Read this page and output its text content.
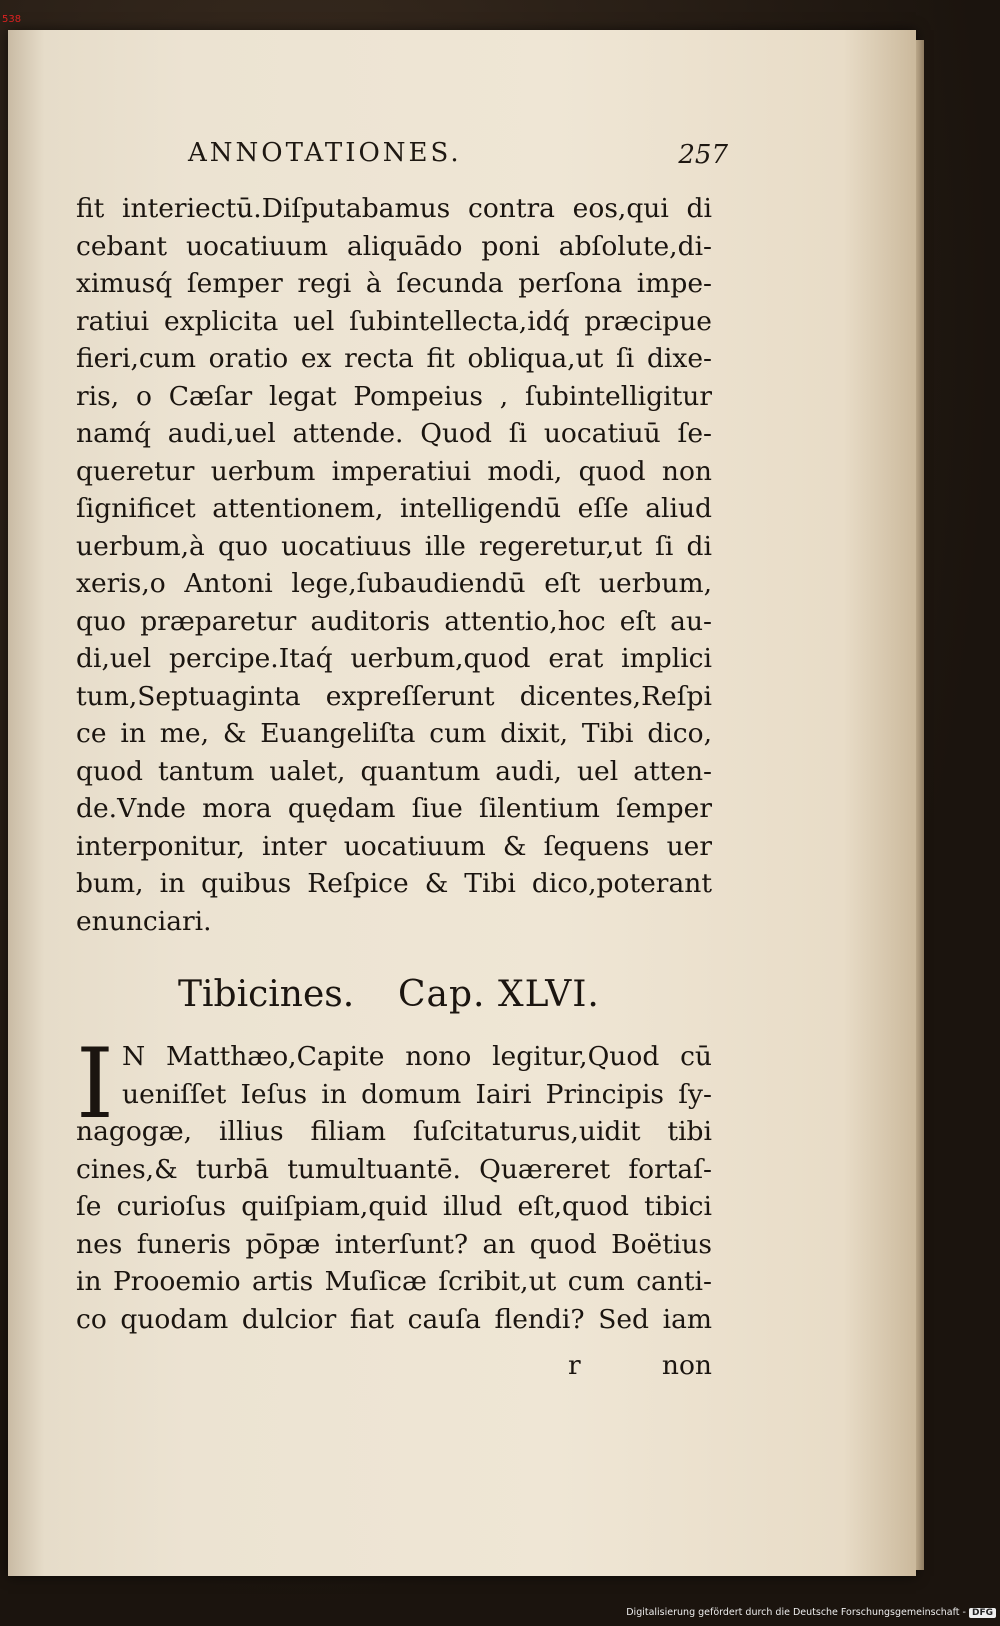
538
ANNOTATIONES.	257
fit interiectū.Diſputabamus contra eos,qui di
cebant uocatiuum aliquādo poni abſolute,di-
ximusq́ ſemper regi à ſecunda perſona impe-
ratiui explicita uel ſubintellecta,idq́ præcipue
fieri,cum oratio ex recta fit obliqua,ut ſi dixe-
ris, o Cæſar legat Pompeius , ſubintelligitur
namq́ audi,uel attende. Quod ſi uocatiuū ſe-
queretur uerbum imperatiui modi, quod non
ſignificet attentionem, intelligendū eſſe aliud
uerbum,à quo uocatiuus ille regeretur,ut ſi di
xeris,o Antoni lege,ſubaudiendū eſt uerbum,
quo præparetur auditoris attentio,hoc eſt au-
di,uel percipe.Itaq́ uerbum,quod erat implici
tum,Septuaginta expreſſerunt dicentes,Reſpi
ce in me, & Euangeliſta cum dixit, Tibi dico,
quod tantum ualet, quantum audi, uel atten-
de.Vnde mora quędam ſiue ſilentium ſemper
interponitur, inter uocatiuum & ſequens uer
bum, in quibus Reſpice & Tibi dico,poterant
enunciari.
Tibicines. Cap. XLVI.
I N Matthæo,Capite nono legitur,Quod cū
ueniſſet Ieſus in domum Iairi Principis ſy-
nagogæ, illius filiam ſuſcitaturus,uidit tibi
cines,& turbā tumultuantē. Quæreret fortaſ-
ſe curioſus quiſpiam,quid illud eſt,quod tibici
nes funeris pōpæ interſunt? an quod Boëtius
in Prooemio artis Muſicæ ſcribit,ut cum canti-
co quodam dulcior fiat cauſa flendi? Sed iam
r	non
Digitalisierung gefördert durch die Deutsche Forschungsgemeinschaft - DFG
